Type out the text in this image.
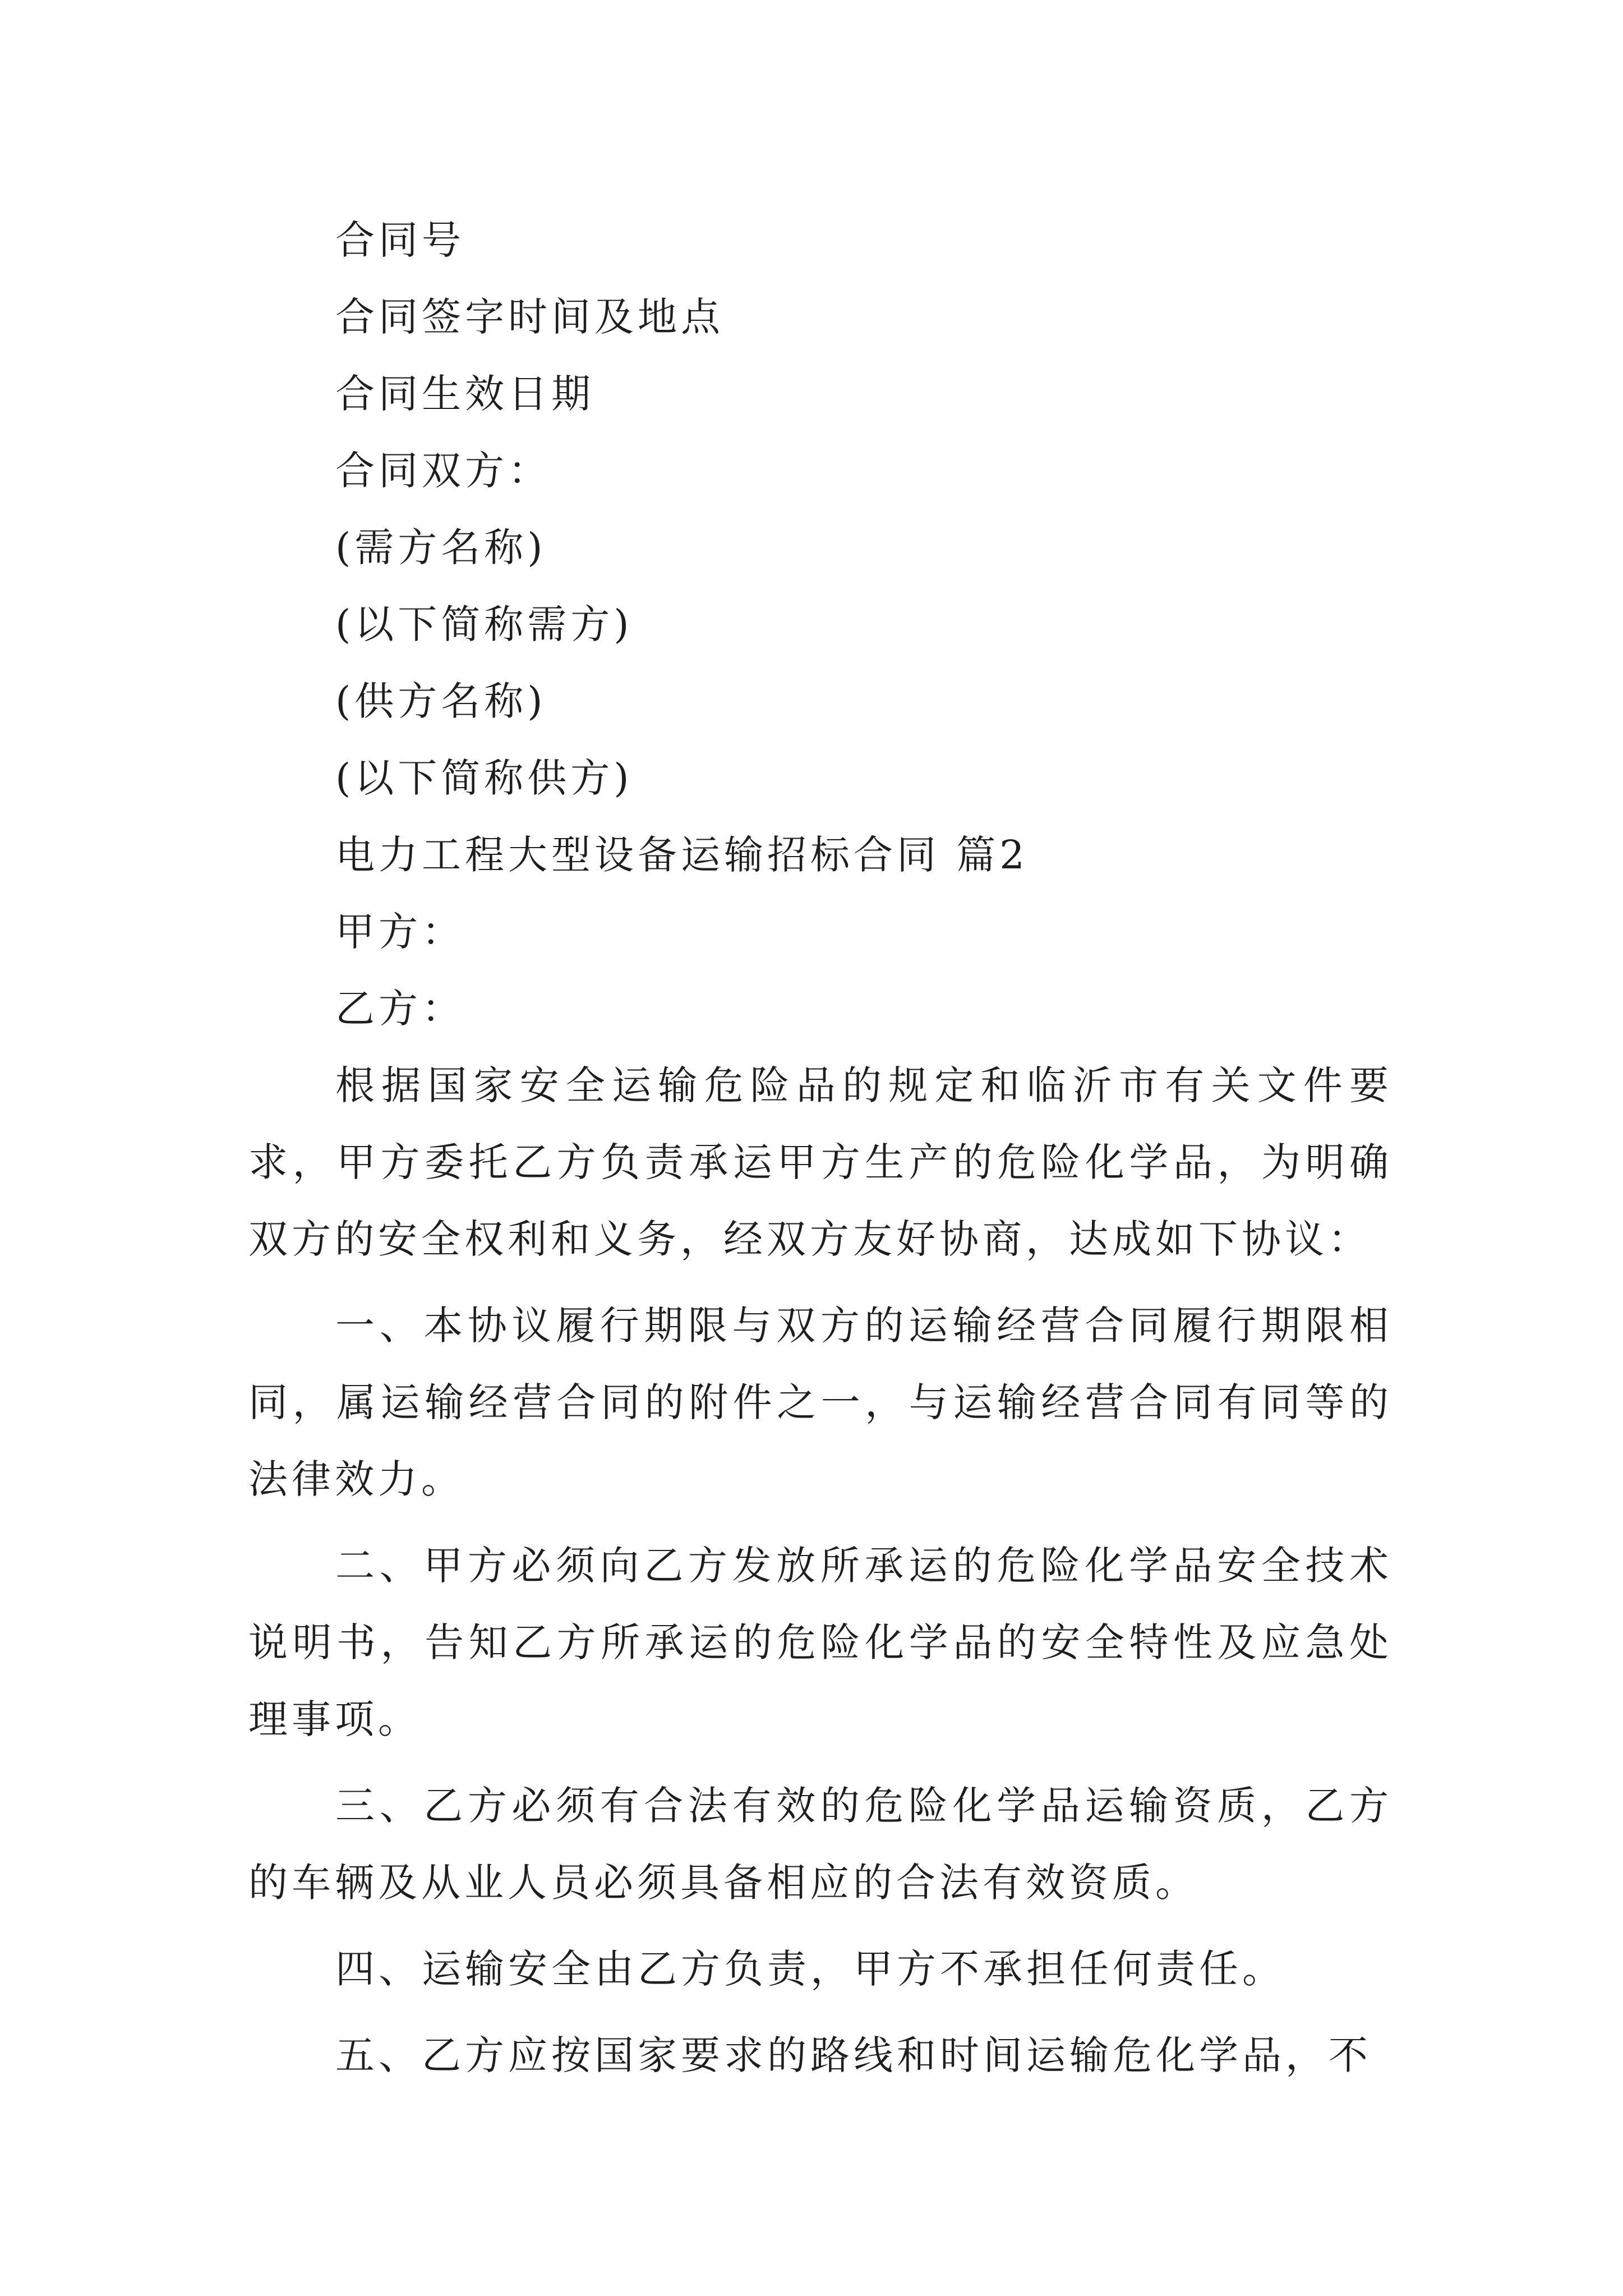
合同号

合同签字时间及地点

合同生效日期

合同双方：

(需方名称)

(以下简称需方)

(供方名称)

(以下简称供方)

电力工程大型设备运输招标合同 篇2

甲方：

乙方：

根据国家安全运输危险品的规定和临沂市有关文件要求，甲方委托乙方负责承运甲方生产的危险化学品，为明确双方的安全权利和义务，经双方友好协商，达成如下协议：

一、本协议履行期限与双方的运输经营合同履行期限相同，属运输经营合同的附件之一，与运输经营合同有同等的法律效力。

二、甲方必须向乙方发放所承运的危险化学品安全技术说明书，告知乙方所承运的危险化学品的安全特性及应急处理事项。

三、乙方必须有合法有效的危险化学品运输资质，乙方的车辆及从业人员必须具备相应的合法有效资质。

四、运输安全由乙方负责，甲方不承担任何责任。

五、乙方应按国家要求的路线和时间运输危化学品，不
